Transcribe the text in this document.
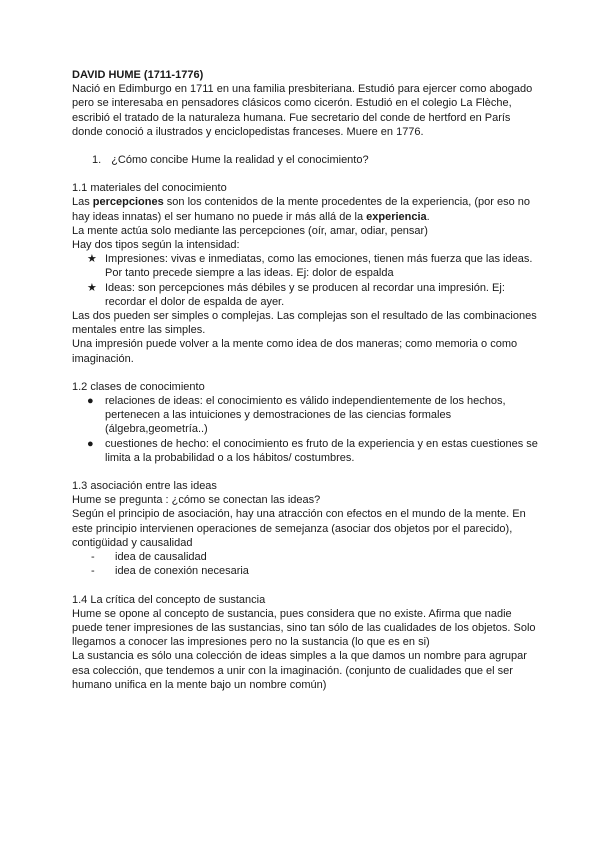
DAVID HUME (1711-1776)

Nació en Edimburgo en 1711 en una familia presbiteriana. Estudió para ejercer como abogado pero se interesaba en pensadores clásicos como cicerón. Estudió en el colegio La Flèche, escribió el tratado de la naturaleza humana. Fue secretario del conde de hertford en París donde conoció a ilustrados y enciclopedistas franceses. Muere en 1776.

1. ¿Cómo concibe Hume la realidad y el conocimiento?

1.1 materiales del conocimiento

Las percepciones son los contenidos de la mente procedentes de la experiencia, (por eso no hay ideas innatas) el ser humano no puede ir más allá de la experiencia.

La mente actúa solo mediante las percepciones (oír, amar, odiar, pensar)

Hay dos tipos según la intensidad:

★ Impresiones: vivas e inmediatas, como las emociones, tienen más fuerza que las ideas. Por tanto precede siempre a las ideas. Ej: dolor de espalda
★ Ideas: son percepciones más débiles y se producen al recordar una impresión. Ej: recordar el dolor de espalda de ayer.

Las dos pueden ser simples o complejas. Las complejas son el resultado de las combinaciones mentales entre las simples.

Una impresión puede volver a la mente como idea de dos maneras; como memoria o como imaginación.

1.2 clases de conocimiento

●	relaciones de ideas: el conocimiento es válido independientemente de los hechos, pertenecen a las intuiciones y demostraciones de las ciencias formales (álgebra,geometría..)
●	cuestiones de hecho: el conocimiento es fruto de la experiencia y en estas cuestiones se limita a la probabilidad o a los hábitos/ costumbres.

1.3 asociación entre las ideas

Hume se pregunta : ¿cómo se conectan las ideas?

Según el principio de asociación, hay una atracción con efectos en el mundo de la mente. En este principio intervienen operaciones de semejanza (asociar dos objetos por el parecido), contigüidad y causalidad

-	idea de causalidad
-	idea de conexión necesaria

1.4 La crítica del concepto de sustancia

Hume se opone al concepto de sustancia, pues considera que no existe. Afirma que nadie puede tener impresiones de las sustancias, sino tan sólo de las cualidades de los objetos. Solo llegamos a conocer las impresiones pero no la sustancia (lo que es en si)

La sustancia es sólo una colección de ideas simples a la que damos un nombre para agrupar esa colección, que tendemos a unir con la imaginación. (conjunto de cualidades que el ser humano unifica en la mente bajo un nombre común)
